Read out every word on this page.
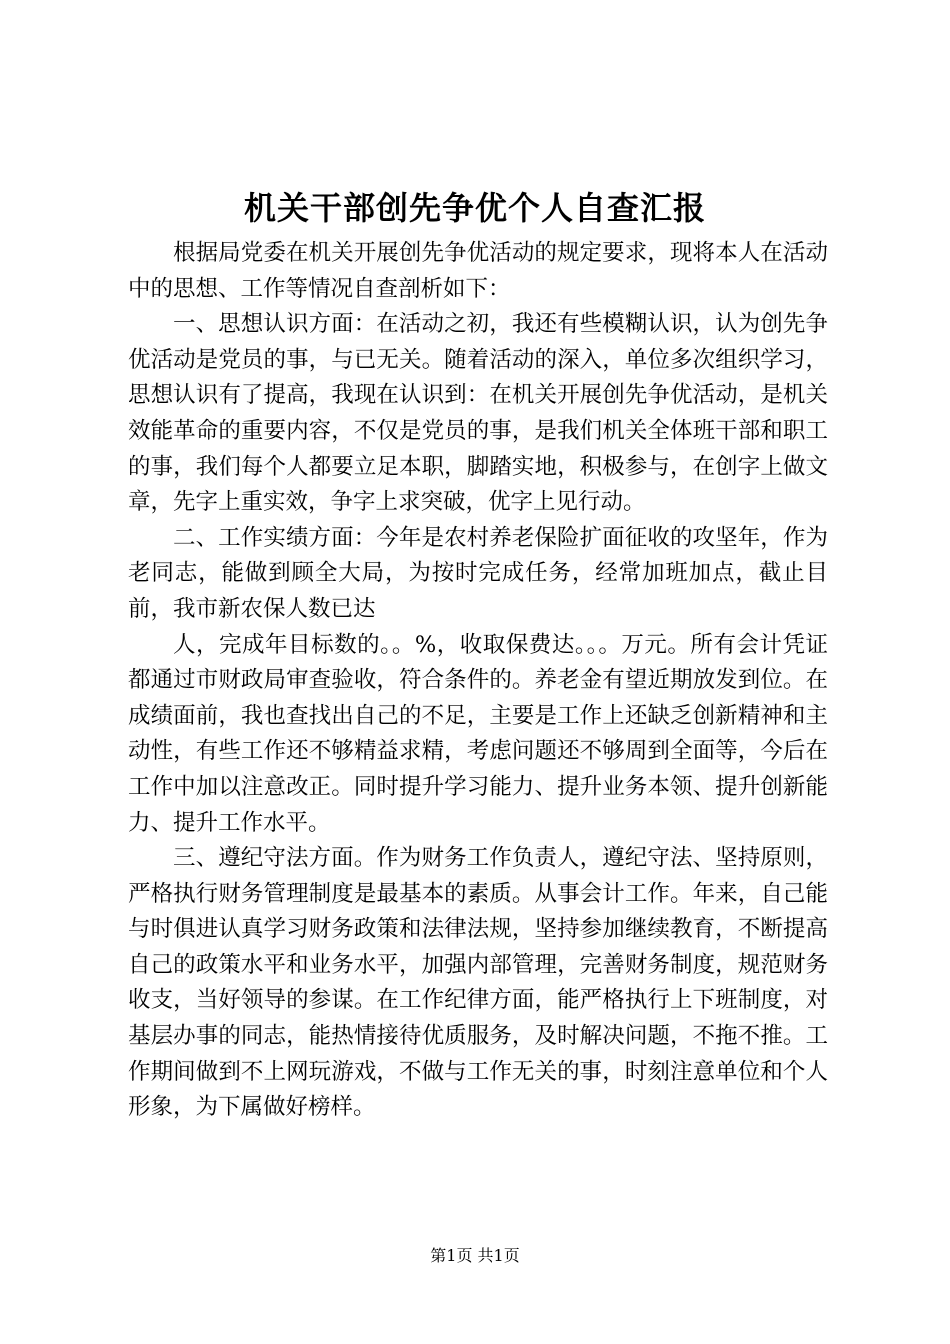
机关干部创先争优个人自查汇报

根据局党委在机关开展创先争优活动的规定要求，现将本人在活动中的思想、工作等情况自查剖析如下：

一、思想认识方面：在活动之初，我还有些模糊认识，认为创先争优活动是党员的事，与已无关。随着活动的深入，单位多次组织学习，思想认识有了提高，我现在认识到：在机关开展创先争优活动，是机关效能革命的重要内容，不仅是党员的事，是我们机关全体班干部和职工的事，我们每个人都要立足本职，脚踏实地，积极参与，在创字上做文章，先字上重实效，争字上求突破，优字上见行动。

二、工作实绩方面：今年是农村养老保险扩面征收的攻坚年，作为老同志，能做到顾全大局，为按时完成任务，经常加班加点，截止目前，我市新农保人数已达

人，完成年目标数的。。%，收取保费达。。。万元。所有会计凭证都通过市财政局审查验收，符合条件的。养老金有望近期放发到位。在成绩面前，我也查找出自己的不足，主要是工作上还缺乏创新精神和主动性，有些工作还不够精益求精，考虑问题还不够周到全面等，今后在工作中加以注意改正。同时提升学习能力、提升业务本领、提升创新能力、提升工作水平。

三、遵纪守法方面。作为财务工作负责人，遵纪守法、坚持原则，严格执行财务管理制度是最基本的素质。从事会计工作。年来，自己能与时俱进认真学习财务政策和法律法规，坚持参加继续教育，不断提高自己的政策水平和业务水平，加强内部管理，完善财务制度，规范财务收支，当好领导的参谋。在工作纪律方面，能严格执行上下班制度，对基层办事的同志，能热情接待优质服务，及时解决问题，不拖不推。工作期间做到不上网玩游戏，不做与工作无关的事，时刻注意单位和个人形象，为下属做好榜样。

第1页 共1页
